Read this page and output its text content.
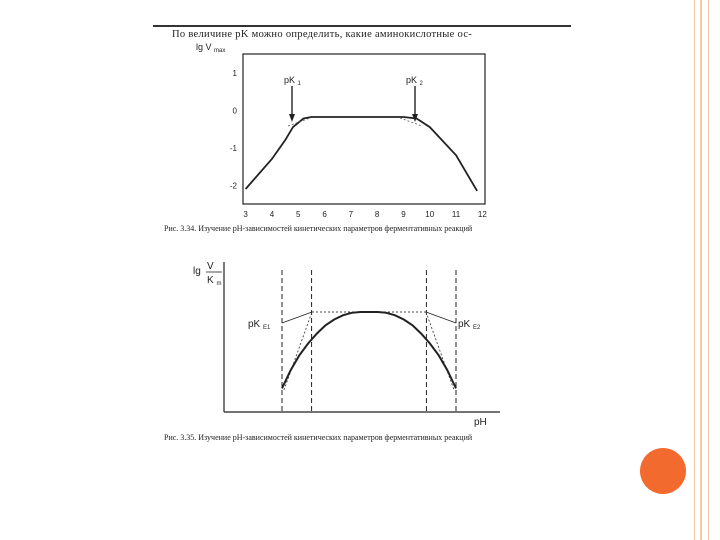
По величине pK можно определить, какие аминокислотные ос-
lg V $_{max}$
1
0
-1
-2
3	4	5	6	7	8	9 10 11 12
pK $_1$	pK $_2$
lg V
K $_m$
pK $_{E1}$	pK $_{E2}$
pH
Рис. 3.34. Изучение рН-зависимостей кинетических параметров ферментативных реакций
Рис. 3.35. Изучение рН-зависимостей кинетических параметров ферментативных реакций
